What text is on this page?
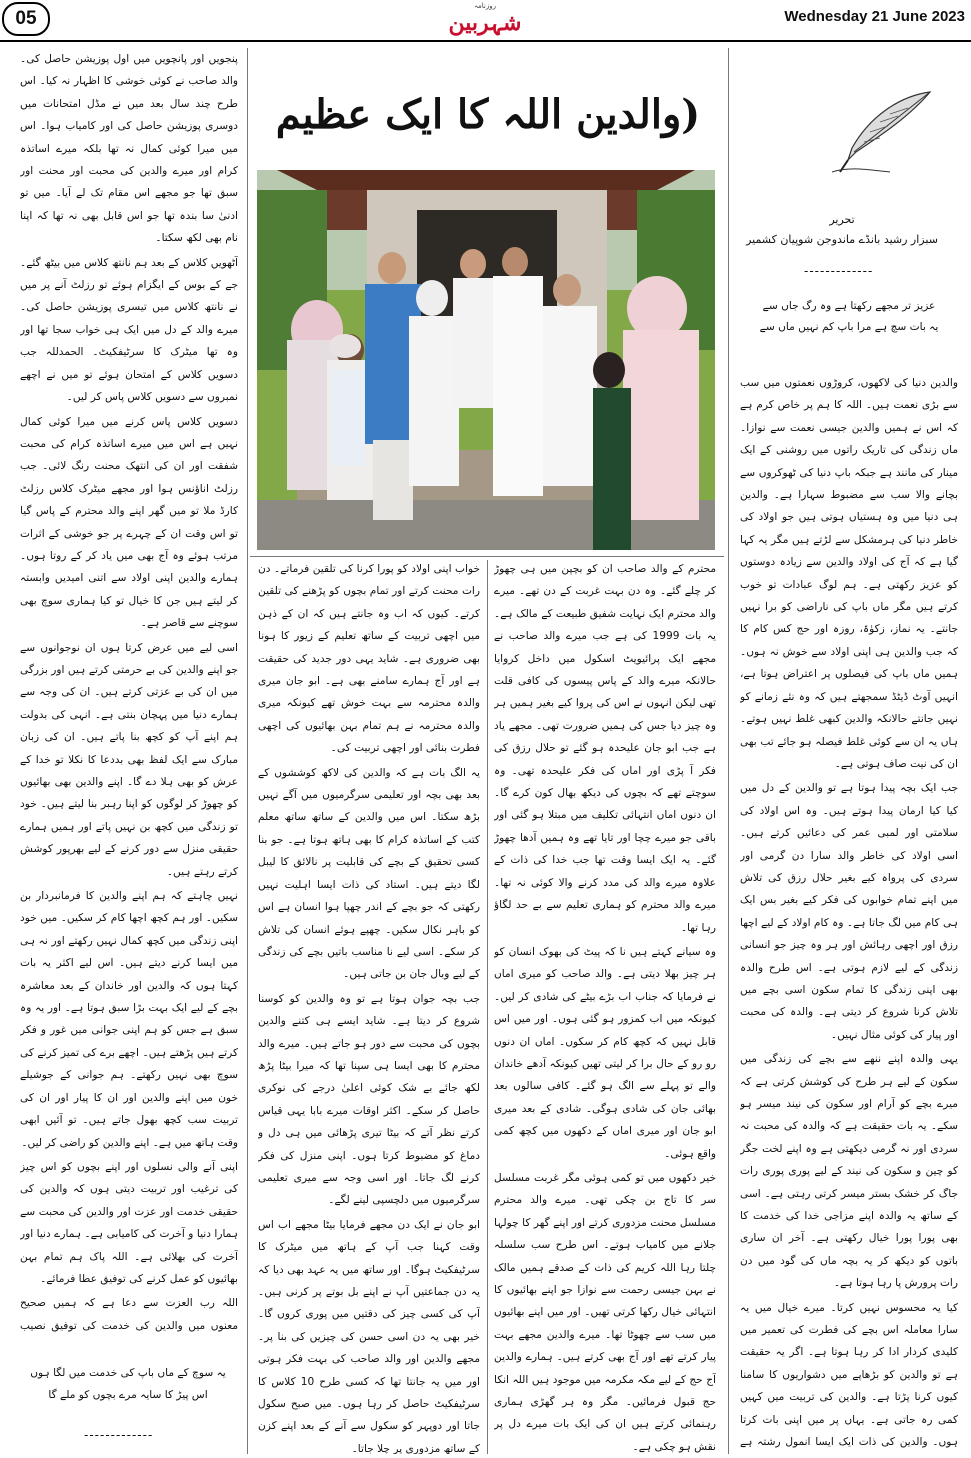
05
روزنامہ
شہربین	Wednesday 21 June 2023
تحریر
سبزار رشید بانڈے ماندوجن شوپیان کشمیر
-------------
عزیز تر مجھے رکھتا ہے وہ رگ جاں سے
یہ بات سچ ہے مرا باپ کم نہیں ماں سے

والدین دنیا کی لاکھوں، کروڑوں نعمتوں میں سب سے بڑی نعمت ہیں۔ اللہ کا ہم پر خاص کرم ہے کہ اس نے ہمیں والدین جیسی نعمت سے نوازا۔ ماں زندگی کی تاریک راتوں میں روشنی کے ایک مینار کی مانند ہے جبکہ باپ دنیا کی ٹھوکروں سے بچانے والا سب سے مضبوط سہارا ہے۔ والدین ہی دنیا میں وہ ہستیاں ہوتی ہیں جو اولاد کی خاطر دنیا کی ہرمشکل سے لڑتے ہیں مگر یہ کہا گیا ہے کہ آج کی اولاد والدین سے زیادہ دوستوں کو عزیز رکھتی ہے۔ ہم لوگ عبادات تو خوب کرتے ہیں مگر ماں باپ کی ناراضی کو برا نہیں جانتے۔ یہ نماز، زکوٰۃ، روزہ اور حج کس کام کا کہ جب والدین ہی اپنی اولاد سے خوش نہ ہوں۔ ہمیں ماں باپ کی فیصلوں پر اعتراض ہوتا ہے، انہیں آوٹ ڈیٹڈ سمجھتے ہیں کہ وہ نئے زمانے کو نہیں جانتے حالانکہ والدین کبھی غلط نہیں ہوتے۔ ہاں یہ ان سے کوئی غلط فیصلہ ہو جائے تب بھی ان کی نیت صاف ہوتی ہے۔

جب ایک بچہ پیدا ہوتا ہے تو والدین کے دل میں کیا کیا ارمان پیدا ہوتے ہیں۔ وہ اس اولاد کی سلامتی اور لمبی عمر کی دعائیں کرتے ہیں۔ اسی اولاد کی خاطر والد سارا دن گرمی اور سردی کی پرواہ کیے بغیر حلال رزق کی تلاش میں اپنے تمام خوابوں کی فکر کیے بغیر بس ایک ہی کام میں لگ جاتا ہے۔ وہ کام اولاد کے لیے اچھا رزق اور اچھی رہائش اور ہر وہ چیز جو انسانی زندگی کے لیے لازم ہوتی ہے۔ اس طرح والدہ بھی اپنی زندگی کا تمام سکون اسی بچے میں تلاش کرنا شروع کر دیتی ہے۔ والدہ کی محبت اور پیار کی کوئی مثال نہیں۔

یہی والدہ اپنے ننھے سے بچے کی زندگی میں سکون کے لیے ہر طرح کی کوشش کرتی ہے کہ میرے بچے کو آرام اور سکون کی نیند میسر ہو سکے۔ یہ بات حقیقت ہے کہ والدہ کی محبت نہ سردی اور نہ گرمی دیکھتی ہے وہ اپنے لخت جگر کو چین و سکون کی نیند کے لیے پوری پوری رات جاگ کر خشک بستر میسر کرتی رہتی ہے۔ اسی کے ساتھ یہ والدہ اپنے مزاجی خدا کی خدمت کا بھی پورا پورا خیال رکھتی ہے۔ آخر ان ساری باتوں کو دیکھ کر یہ بچہ ماں کی گود میں دن رات پرورش پا رہا ہوتا ہے۔

کیا یہ محسوس نہیں کرتا۔ میرے خیال میں یہ سارا معاملہ اس بچے کی فطرت کی تعمیر میں کلیدی کردار ادا کر رہا ہوتا ہے۔ اگر یہ حقیقت ہے تو والدین کو بڑھاپے میں دشواریوں کا سامنا کیوں کرنا پڑتا ہے۔ والدین کی تربیت میں کہیں کمی رہ جاتی ہے۔ یہاں پر میں اپنی بات کرتا ہوں۔ والدین کی ذات ایک ایسا انمول رشتہ ہے

(والدین اللہ کا ایک عظیم

محترم کے والد صاحب ان کو بچپن میں ہی چھوڑ کر چلے گئے۔ وہ دن بہت غربت کے دن تھے۔ میرے والد محترم ایک نہایت شفیق طبیعت کے مالک ہے۔ یہ بات 1999 کی ہے جب میرے والد صاحب نے مجھے ایک پرائیویٹ اسکول میں داخل کروایا حالانکہ میرے والد کے پاس پیسوں کی کافی قلت تھی لیکن انہوں نے اس کی پروا کیے بغیر ہمیں ہر وہ چیز دیا جس کی ہمیں ضرورت تھی۔ مجھے یاد ہے جب ابو جان علیحدہ ہو گئے تو حلال رزق کی فکر آ پڑی اور اماں کی فکر علیحدہ تھی۔ وہ سوچتے تھے کہ بچوں کی دیکھ بھال کون کرے گا۔ ان دنوں اماں انتہائی تکلیف میں مبتلا ہو گئی اور باقی جو میرے چچا اور تایا تھے وہ ہمیں آدھا چھوڑ گئے۔ یہ ایک ایسا وقت تھا جب خدا کی ذات کے علاوہ میرے والد کی مدد کرنے والا کوئی نہ تھا۔ میرے والد محترم کو ہماری تعلیم سے بے حد لگاؤ رہا تھا۔

وہ سیانے کہتے ہیں نا کہ پیٹ کی بھوک انسان کو ہر چیز بھلا دیتی ہے۔ والد صاحب کو میری اماں نے فرمایا کہ جناب اب بڑے بیٹے کی شادی کر لیں۔ کیونکہ میں اب کمزور ہو گئی ہوں۔ اور میں اس قابل نہیں کہ کچھ کام کر سکوں۔ اماں ان دنوں رو رو کے حال برا کر لیتی تھیں کیونکہ آدھے خاندان والے تو پہلے سے الگ ہو گئے۔ کافی سالوں بعد بھائی جان کی شادی ہوگی۔ شادی کے بعد میری ابو جان اور میری اماں کے دکھوں میں کچھ کمی واقع ہوئی۔

خیر دکھوں میں تو کمی ہوئی مگر غربت مسلسل سر کا تاج بن چکی تھی۔ میرے والد محترم مسلسل محنت مزدوری کرتے اور اپنے گھر کا چولہا جلانے میں کامیاب ہوتے۔ اس طرح سب سلسلہ چلتا رہا اللہ کریم کی ذات کے صدقے ہمیں مالک نے بہن جیسی رحمت سے نوازا جو اپنے بھائیوں کا انتہائی خیال رکھا کرتی تھیں۔ اور میں اپنے بھائیوں میں سب سے چھوٹا تھا۔ میرے والدین مجھے بہت پیار کرتے تھے اور آج بھی کرتے ہیں۔ ہمارے والدین آج حج کے لیے مکہ مکرمہ میں موجود ہیں اللہ انکا حج قبول فرمائیں۔ مگر وہ ہر گھڑی ہماری رہنمائی کرتے ہیں ان کی ایک بات میرے دل پر نقش ہو چکی ہے۔

خواب اپنی اولاد کو پورا کرنا کی تلقین فرماتے۔ دن رات محنت کرتے اور تمام بچوں کو پڑھنے کی تلقین کرتے۔ کیوں کہ اب وہ جانتے ہیں کہ ان کے ذہن میں اچھی تربیت کے ساتھ تعلیم کے زیور کا ہونا بھی ضروری ہے۔ شاید یہی دور جدید کی حقیقت ہے اور آج ہمارے سامنے بھی ہے۔ ابو جان میری والدہ محترمہ سے بہت خوش تھے کیونکہ میری والدہ محترمہ نے ہم تمام بہن بھائیوں کی اچھی فطرت بنائی اور اچھی تربیت کی۔

یہ الگ بات ہے کہ والدین کی لاکھ کوششوں کے بعد بھی بچہ اور تعلیمی سرگرمیوں میں آگے نہیں بڑھ سکتا۔ اس میں والدین کے ساتھ ساتھ معلم کتب کے اساتذہ کرام کا بھی ہاتھ ہوتا ہے۔ جو بنا کسی تحقیق کے بچے کی قابلیت پر نالائق کا لیبل لگا دیتے ہیں۔ استاد کی ذات ایسا اہلیت نہیں رکھتی کہ جو بچے کے اندر چھپا ہوا انسان ہے اس کو باہر نکال سکیں۔ چھپے ہوئے انسان کی تلاش کر سکے۔ اسی لیے نا مناسب باتیں بچے کی زندگی کے لیے وبال جان بن جاتی ہیں۔

جب بچہ جوان ہوتا ہے تو وہ والدین کو کوسنا شروع کر دیتا ہے۔ شاید ایسے ہی کتنے والدین بچوں کی محبت سے دور ہو جاتے ہیں۔ میرے والد محترم کا بھی ایسا ہی سپنا تھا کہ میرا بیٹا پڑھ لکھ جائے بے شک کوئی اعلیٰ درجے کی نوکری حاصل کر سکے۔ اکثر اوقات میرے بابا یہی قیاس کرتے نظر آتے کہ بیٹا تیری پڑھائی میں ہی دل و دماغ کو مضبوط کرتا ہوں۔ اپنی منزل کی فکر کرنے لگ جاتا۔ اور اسی وجہ سے میری تعلیمی سرگرمیوں میں دلچسپی لینے لگے۔

ابو جان نے ایک دن مجھے فرمایا بیٹا مجھے اب اس وقت کہنا جب آپ کے ہاتھ میں میٹرک کا سرٹیفکیٹ ہوگا۔ اور ساتھ میں یہ عہد بھی دیا کہ یہ دن جماعتیں آپ نے اپنے بل بوتے پر کرنی ہیں۔ آپ کی کسی چیز کی دقتیں میں پوری کروں گا۔ خیر بھی یہ دن اسی حسن کی چیزیں کی بنا پر۔ مجھے والدین اور والد صاحب کی بہت فکر ہوتی اور میں یہ جانتا تھا کہ کسی طرح 10 کلاس کا سرٹیفکیٹ حاصل کر رہا ہوں۔ میں صبح سکول جاتا اور دوپہر کو سکول سے آنے کے بعد اپنے کزن کے ساتھ مزدوری پر چلا جاتا۔

پنجویں اور پانچویں میں اول پوزیشن حاصل کی۔ والد صاحب نے کوئی خوشی کا اظہار نہ کیا۔ اس طرح چند سال بعد میں نے مڈل امتحانات میں دوسری پوزیشن حاصل کی اور کامیاب ہوا۔ اس میں میرا کوئی کمال نہ تھا بلکہ میرے اساتذہ کرام اور میرے والدین کی محبت اور محنت اور سبق تھا جو مجھے اس مقام تک لے آیا۔ میں تو ادنیٰ سا بندہ تھا جو اس قابل بھی نہ تھا کہ اپنا نام بھی لکھ سکتا۔

آٹھویں کلاس کے بعد ہم نانتھ کلاس میں بیٹھ گئے۔ جے کے بوس کے ایگزام ہوئے تو رزلٹ آنے پر میں نے نانتھ کلاس میں تیسری پوزیشن حاصل کی۔ میرے والد کے دل میں ایک ہی خواب سجا تھا اور وہ تھا میٹرک کا سرٹیفکیٹ۔ الحمدللہ جب دسویں کلاس کے امتحان ہوئے تو میں نے اچھے نمبروں سے دسویں کلاس پاس کر لیں۔

دسویں کلاس پاس کرنے میں میرا کوئی کمال نہیں ہے اس میں میرے اساتذہ کرام کی محبت شفقت اور ان کی انتھک محنت رنگ لائی۔ جب رزلٹ اناؤنس ہوا اور مجھے میٹرک کلاس رزلٹ کارڈ ملا تو میں گھر اپنے والد محترم کے پاس گیا تو اس وقت ان کے چہرے پر جو خوشی کے اثرات مرتب ہوئے وہ آج بھی میں یاد کر کے روتا ہوں۔ ہمارے والدین اپنی اولاد سے اتنی امیدیں وابستہ کر لیتے ہیں جن کا خیال تو کیا ہماری سوچ بھی سوچنے سے قاصر ہے۔

اسی لیے میں عرض کرتا ہوں ان نوجوانوں سے جو اپنے والدین کی بے حرمتی کرتے ہیں اور بزرگی میں ان کی بے عزتی کرتے ہیں۔ ان کی وجہ سے ہمارے دنیا میں پہچان بنتی ہے۔ انہی کی بدولت ہم اپنے آپ کو کچھ بنا پاتے ہیں۔ ان کی زبان مبارک سے ایک لفظ بھی بددعا کا نکلا تو خدا کے عرش کو بھی ہلا دے گا۔ اپنے والدین بھی بھائیوں کو چھوڑ کر لوگوں کو اپنا رہبر بنا لیتے ہیں۔ خود تو زندگی میں کچھ بن نہیں پاتے اور ہمیں ہمارے حقیقی منزل سے دور کرنے کے لیے بھرپور کوشش کرتے رہتے ہیں۔

نہیں چاہتے کہ ہم اپنے والدین کا فرمانبردار بن سکیں۔ اور ہم کچھ اچھا کام کر سکیں۔ میں خود اپنی زندگی میں کچھ کمال نہیں رکھتے اور نہ ہی میں ایسا کرنے دیتے ہیں۔ اس لیے اکثر یہ بات کہتا ہوں کہ والدین اور خاندان کے بعد معاشرہ بچے کے لیے ایک بہت بڑا سبق ہوتا ہے۔ اور یہ وہ سبق ہے جس کو ہم اپنی جوانی میں غور و فکر کرتے ہیں پڑھتے ہیں۔ اچھے برے کی تمیز کرنے کی سوچ بھی نہیں رکھتے۔ ہم جوانی کے جوشیلے خون میں اپنے والدین اور ان کا پیار اور ان کی تربیت سب کچھ بھول جاتے ہیں۔ تو آئیں ابھی وقت ہاتھ میں ہے۔ اپنے والدین کو راضی کر لیں۔

اپنی آنے والی نسلوں اور اپنے بچوں کو اس چیز کی ترغیب اور تربیت دیتی ہوں کہ والدین کی حقیقی خدمت اور عزت اور والدین کی محبت سے ہمارا دنیا و آخرت کی کامیابی ہے۔ ہمارے دنیا اور آخرت کی بھلائی ہے۔ اللہ پاک ہم تمام بہن بھائیوں کو عمل کرنے کی توفیق عطا فرمائے۔

اللہ رب العزت سے دعا ہے کہ ہمیں صحیح معنوں میں والدین کی خدمت کی توفیق نصیب

یہ سوچ کے ماں باپ کی خدمت میں لگا ہوں
اس پیڑ کا سایہ مرے بچوں کو ملے گا
-------------
